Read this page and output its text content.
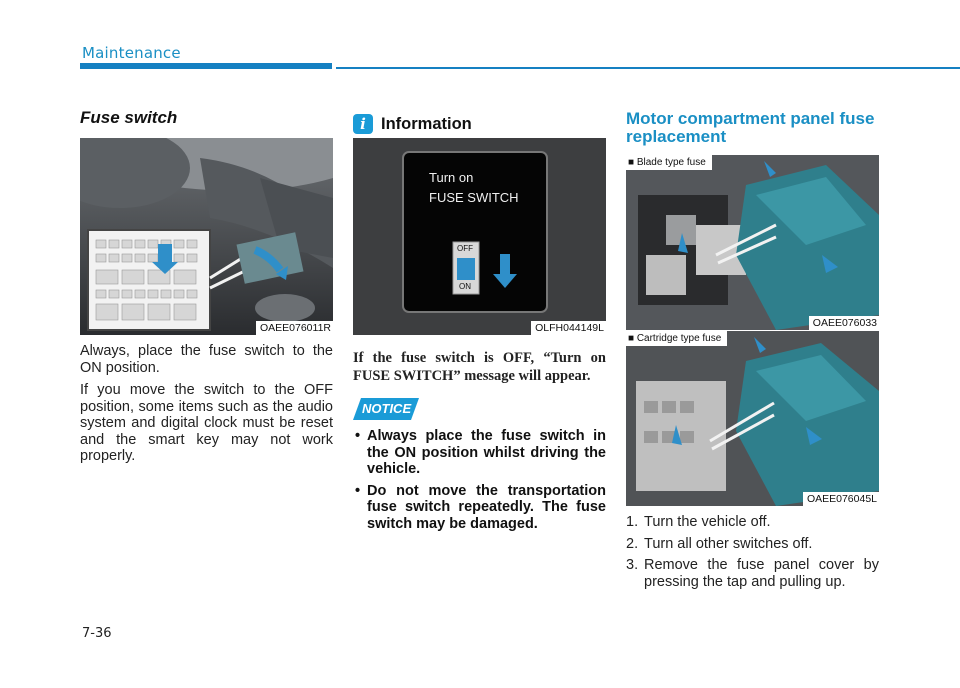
Maintenance
Fuse switch
OAEE076011R

Always, place the fuse switch to the ON position.

If you move the switch to the OFF position, some items such as the audio system and digital clock must be reset and the smart key may not work properly.

i Information
Turn on
FUSE SWITCH
OFF
ON
OLFH044149L
If the fuse switch is OFF, “Turn on FUSE SWITCH” message will appear.
NOTICE
• Always place the fuse switch in the ON position whilst driving the vehicle.
• Do not move the transportation fuse switch repeatedly. The fuse switch may be damaged.
Motor compartment panel fuse replacement
■ Blade type fuse
OAEE076033
■ Cartridge type fuse
OAEE076045L
1. Turn the vehicle off.
2. Turn all other switches off.
3. Remove the fuse panel cover by pressing the tap and pulling up.
7-36
